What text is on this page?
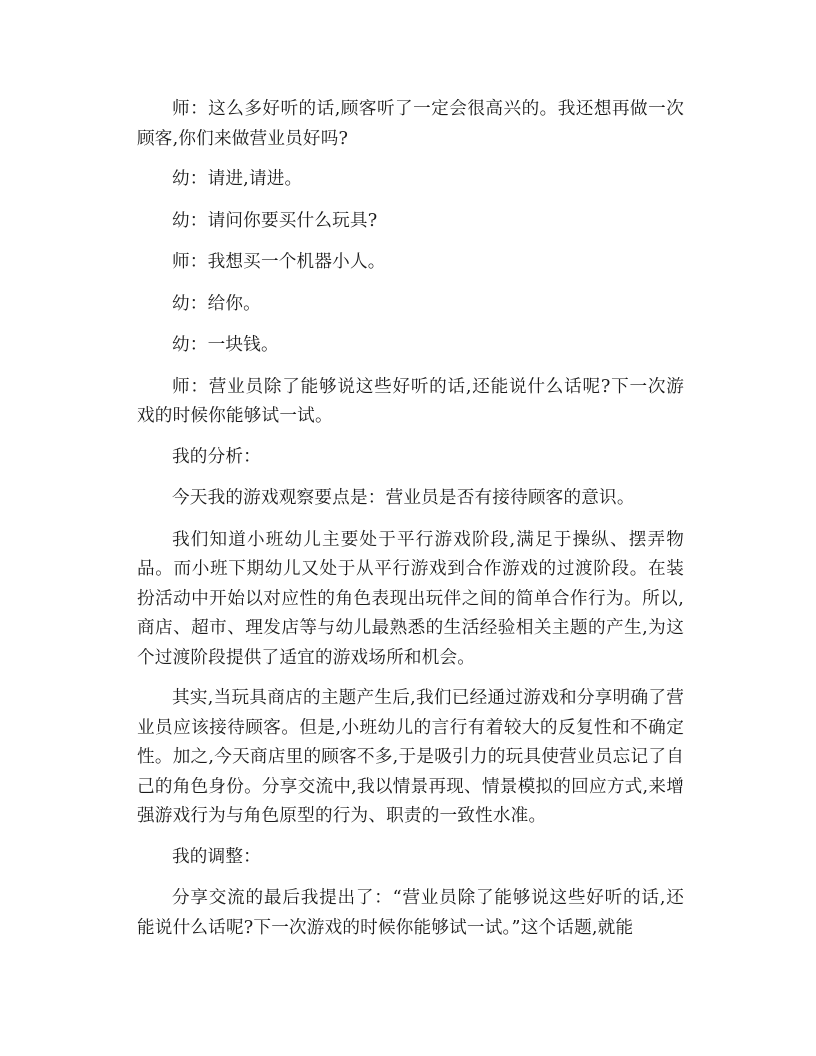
师：这么多好听的话,顾客听了一定会很高兴的。我还想再做一次顾客,你们来做营业员好吗?

幼：请进,请进。

幼：请问你要买什么玩具?

师：我想买一个机器小人。

幼：给你。

幼：一块钱。

师：营业员除了能够说这些好听的话,还能说什么话呢?下一次游戏的时候你能够试一试。

我的分析：

今天我的游戏观察要点是：营业员是否有接待顾客的意识。

我们知道小班幼儿主要处于平行游戏阶段,满足于操纵、摆弄物品。而小班下期幼儿又处于从平行游戏到合作游戏的过渡阶段。在装扮活动中开始以对应性的角色表现出玩伴之间的简单合作行为。所以,商店、超市、理发店等与幼儿最熟悉的生活经验相关主题的产生,为这个过渡阶段提供了适宜的游戏场所和机会。

其实,当玩具商店的主题产生后,我们已经通过游戏和分享明确了营业员应该接待顾客。但是,小班幼儿的言行有着较大的反复性和不确定性。加之,今天商店里的顾客不多,于是吸引力的玩具使营业员忘记了自己的角色身份。分享交流中,我以情景再现、情景模拟的回应方式,来增强游戏行为与角色原型的行为、职责的一致性水准。

我的调整：

分享交流的最后我提出了：“营业员除了能够说这些好听的话,还能说什么话呢?下一次游戏的时候你能够试一试。”这个话题,就能
